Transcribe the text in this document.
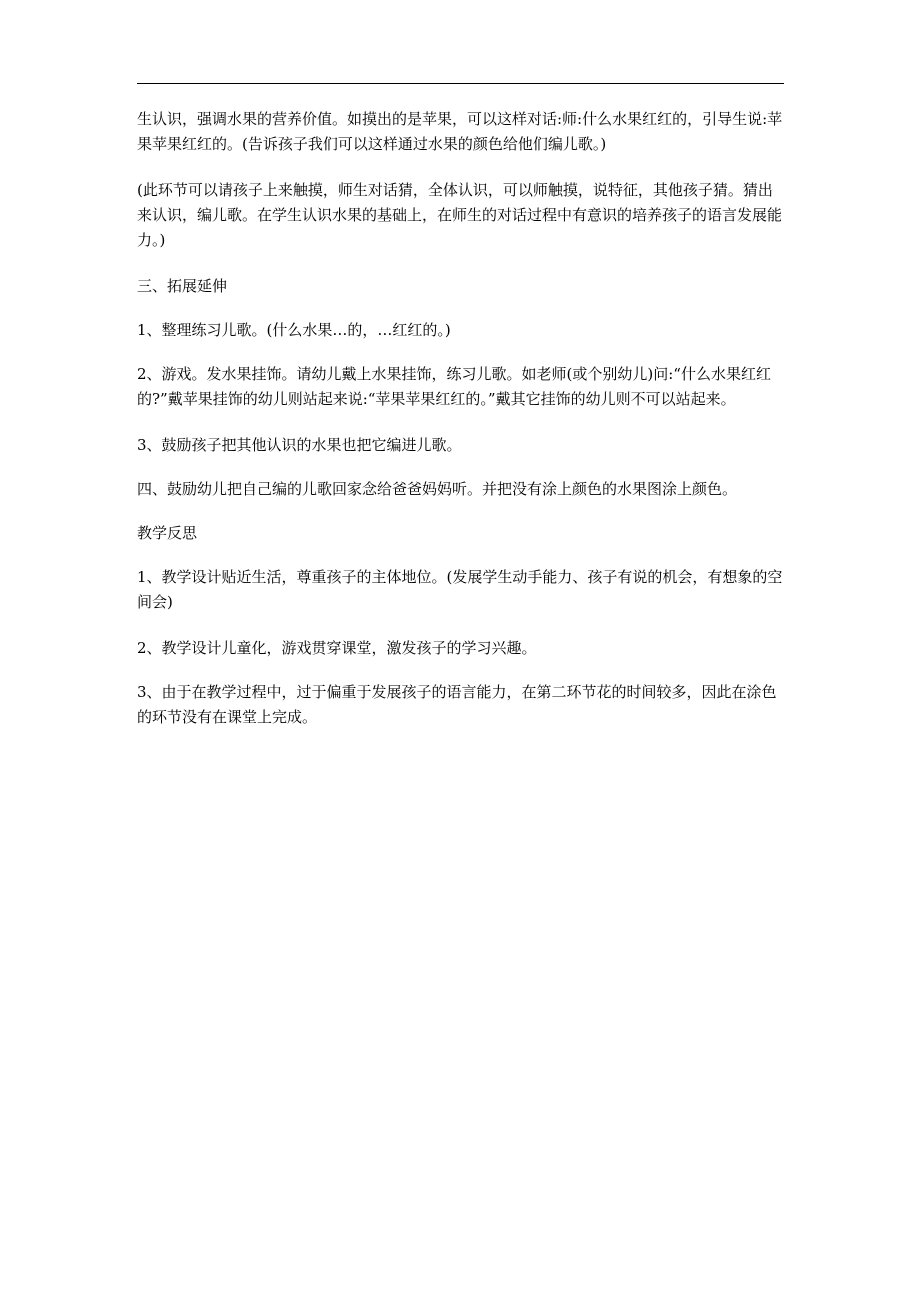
生认识，强调水果的营养价值。如摸出的是苹果，可以这样对话:师:什么水果红红的，引导生说:苹果苹果红红的。(告诉孩子我们可以这样通过水果的颜色给他们编儿歌。)

(此环节可以请孩子上来触摸，师生对话猜，全体认识，可以师触摸，说特征，其他孩子猜。猜出来认识，编儿歌。在学生认识水果的基础上，在师生的对话过程中有意识的培养孩子的语言发展能力。)

三、拓展延伸

1、整理练习儿歌。(什么水果…的，…红红的。)

2、游戏。发水果挂饰。请幼儿戴上水果挂饰，练习儿歌。如老师(或个别幼儿)问:“什么水果红红的?”戴苹果挂饰的幼儿则站起来说:“苹果苹果红红的。”戴其它挂饰的幼儿则不可以站起来。

3、鼓励孩子把其他认识的水果也把它编进儿歌。

四、鼓励幼儿把自己编的儿歌回家念给爸爸妈妈听。并把没有涂上颜色的水果图涂上颜色。

教学反思

1、教学设计贴近生活，尊重孩子的主体地位。(发展学生动手能力、孩子有说的机会，有想象的空间会)

2、教学设计儿童化，游戏贯穿课堂，激发孩子的学习兴趣。

3、由于在教学过程中，过于偏重于发展孩子的语言能力，在第二环节花的时间较多，因此在涂色的环节没有在课堂上完成。
